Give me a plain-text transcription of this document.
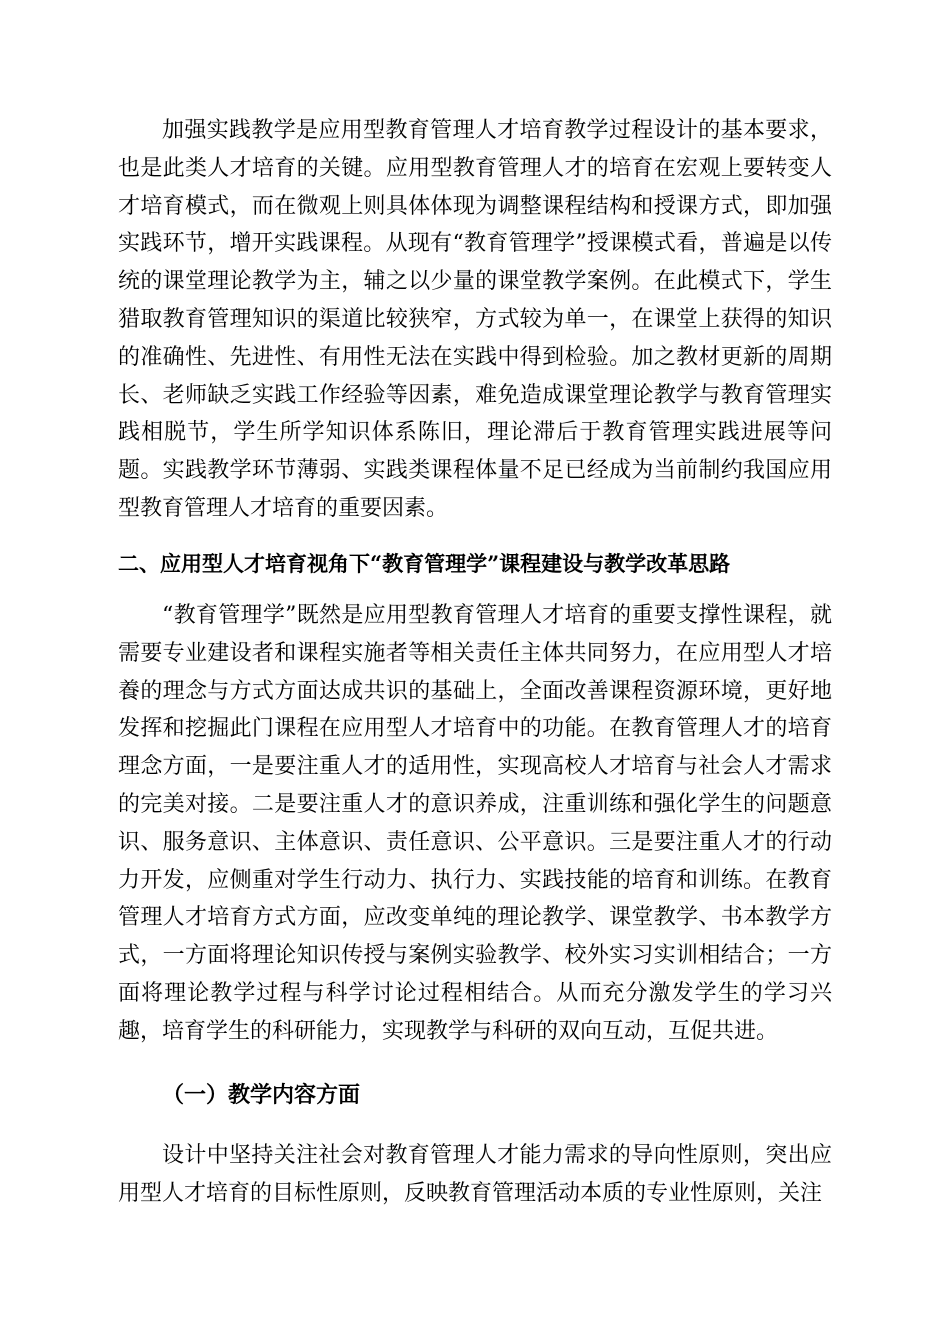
加强实践教学是应用型教育管理人才培育教学过程设计的基本要求，也是此类人才培育的关键。应用型教育管理人才的培育在宏观上要转变人才培育模式，而在微观上则具体体现为调整课程结构和授课方式，即加强实践环节，增开实践课程。从现有“教育管理学”授课模式看，普遍是以传统的课堂理论教学为主，辅之以少量的课堂教学案例。在此模式下，学生猎取教育管理知识的渠道比较狭窄，方式较为单一，在课堂上获得的知识的准确性、先进性、有用性无法在实践中得到检验。加之教材更新的周期长、老师缺乏实践工作经验等因素，难免造成课堂理论教学与教育管理实践相脱节，学生所学知识体系陈旧，理论滞后于教育管理实践进展等问题。实践教学环节薄弱、实践类课程体量不足已经成为当前制约我国应用型教育管理人才培育的重要因素。

二、应用型人才培育视角下“教育管理学”课程建设与教学改革思路

“教育管理学”既然是应用型教育管理人才培育的重要支撑性课程，就需要专业建设者和课程实施者等相关责任主体共同努力，在应用型人才培養的理念与方式方面达成共识的基础上，全面改善课程资源环境，更好地发挥和挖掘此门课程在应用型人才培育中的功能。在教育管理人才的培育理念方面，一是要注重人才的适用性，实现高校人才培育与社会人才需求的完美对接。二是要注重人才的意识养成，注重训练和强化学生的问题意识、服务意识、主体意识、责任意识、公平意识。三是要注重人才的行动力开发，应侧重对学生行动力、执行力、实践技能的培育和训练。在教育管理人才培育方式方面，应改变单纯的理论教学、课堂教学、书本教学方式，一方面将理论知识传授与案例实验教学、校外实习实训相结合；一方面将理论教学过程与科学讨论过程相结合。从而充分激发学生的学习兴趣，培育学生的科研能力，实现教学与科研的双向互动，互促共进。

（一）教学内容方面

设计中坚持关注社会对教育管理人才能力需求的导向性原则，突出应用型人才培育的目标性原则，反映教育管理活动本质的专业性原则，关注
